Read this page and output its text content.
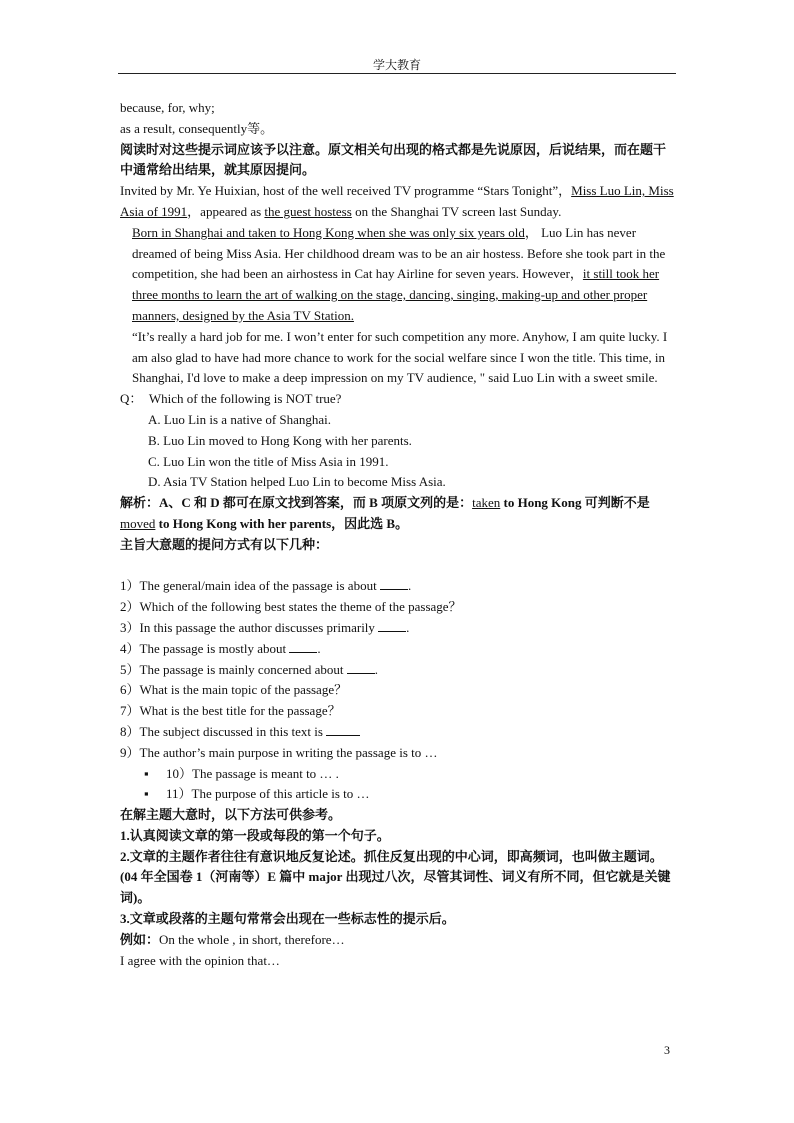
学大教育

because, for, why;

as a result, consequently等。

阅读时对这些提示词应该予以注意。原文相关句出现的格式都是先说原因，后说结果，而在题干中通常给出结果，就其原因提问。

Invited by Mr. Ye Huixian, host of the well received TV programme “Stars Tonight”，Miss Luo Lin, Miss Asia of 1991，appeared as the guest hostess on the Shanghai TV screen last Sunday.

Born in Shanghai and taken to Hong Kong when she was only six years old， Luo Lin has never dreamed of being Miss Asia. Her childhood dream was to be an air hostess. Before she took part in the competition, she had been an airhostess in Cat hay Airline for seven years. However，it still took her three months to learn the art of walking on the stage, dancing, singing, making-up and other proper manners, designed by the Asia TV Station.

“It’s really a hard job for me. I won’t enter for such competition any more. Anyhow, I am quite lucky. I am also glad to have had more chance to work for the social welfare since I won the title. This time, in Shanghai, I'd love to make a deep impression on my TV audience, " said Luo Lin with a sweet smile.

Q： Which of the following is NOT true?

A. Luo Lin is a native of Shanghai.

B. Luo Lin moved to Hong Kong with her parents.

C. Luo Lin won the title of Miss Asia in 1991.

D. Asia TV Station helped Luo Lin to become Miss Asia.

解析：A、C 和 D 都可在原文找到答案，而 B 项原文列的是：taken to Hong Kong 可判断不是 moved to Hong Kong with her parents，因此选 B。

主旨大意题的提问方式有以下几种：

1）The general/main idea of the passage is about .

2）Which of the following best states the theme of the passage？

3）In this passage the author discusses primarily .

4）The passage is mostly about .

5）The passage is mainly concerned about .

6）What is the main topic of the passage？

7）What is the best title for the passage？

8）The subject discussed in this text is

9）The author’s main purpose in writing the passage is to …

▪ 10）The passage is meant to … .

▪ 11）The purpose of this article is to …

在解主题大意时，以下方法可供参考。

1.认真阅读文章的第一段或每段的第一个句子。

2.文章的主题作者往往有意识地反复论述。抓住反复出现的中心词，即高频词，也叫做主题词。(04 年全国卷 1（河南等）E 篇中 major 出现过八次，尽管其词性、词义有所不同，但它就是关键词)。

3.文章或段落的主题句常常会出现在一些标志性的提示后。

例如：On the whole , in short, therefore…

I agree with the opinion that…

3
